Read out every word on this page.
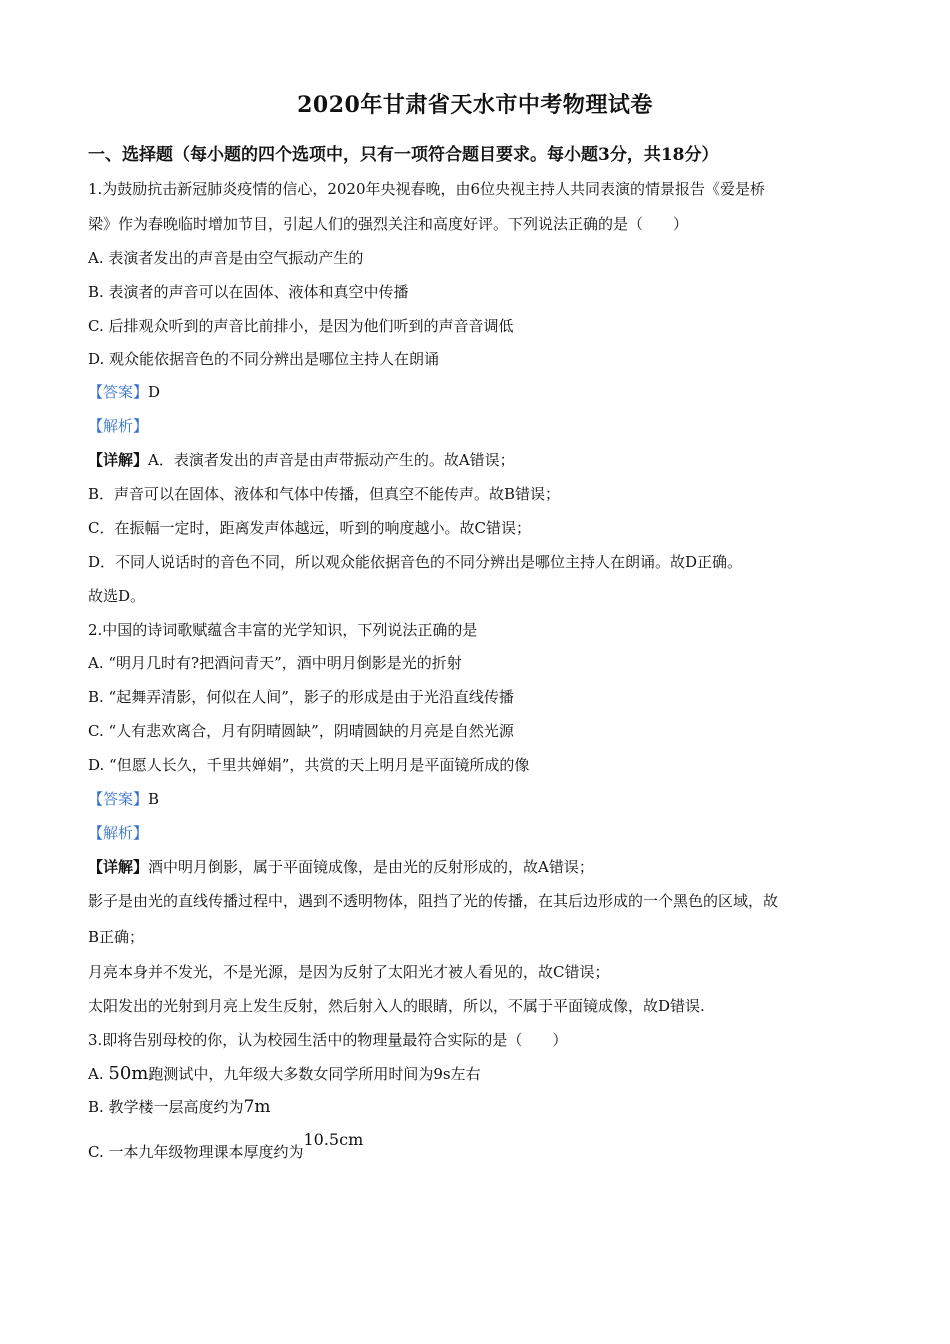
2020年甘肃省天水市中考物理试卷
一、选择题（每小题的四个选项中，只有一项符合题目要求。每小题3分，共18分）
1.为鼓励抗击新冠肺炎疫情的信心，2020年央视春晚，由6位央视主持人共同表演的情景报告《爱是桥
梁》作为春晚临时增加节目，引起人们的强烈关注和高度好评。下列说法正确的是（　　）
A. 表演者发出的声音是由空气振动产生的
B. 表演者的声音可以在固体、液体和真空中传播
C. 后排观众听到的声音比前排小，是因为他们听到的声音音调低
D. 观众能依据音色的不同分辨出是哪位主持人在朗诵
【答案】D
【解析】
【详解】A．表演者发出的声音是由声带振动产生的。故A错误；
B．声音可以在固体、液体和气体中传播，但真空不能传声。故B错误；
C．在振幅一定时，距离发声体越远，听到的响度越小。故C错误；
D．不同人说话时的音色不同，所以观众能依据音色的不同分辨出是哪位主持人在朗诵。故D正确。
故选D。
2.中国的诗词歌赋蕴含丰富的光学知识，下列说法正确的是
A. “明月几时有?把酒问青天”，酒中明月倒影是光的折射
B. “起舞弄清影，何似在人间”，影子的形成是由于光沿直线传播
C. “人有悲欢离合，月有阴晴圆缺”，阴晴圆缺的月亮是自然光源
D. “但愿人长久，千里共婵娟”，共赏的天上明月是平面镜所成的像
【答案】B
【解析】
【详解】酒中明月倒影，属于平面镜成像，是由光的反射形成的，故A错误；
影子是由光的直线传播过程中，遇到不透明物体，阻挡了光的传播，在其后边形成的一个黑色的区域，故
B正确；
月亮本身并不发光，不是光源，是因为反射了太阳光才被人看见的，故C错误；
太阳发出的光射到月亮上发生反射，然后射入人的眼睛，所以，不属于平面镜成像，故D错误.
3.即将告别母校的你，认为校园生活中的物理量最符合实际的是（　　）
A. 50m跑测试中，九年级大多数女同学所用时间为9s左右
B. 教学楼一层高度约为7m
C. 一本九年级物理课本厚度约为10.5cm
